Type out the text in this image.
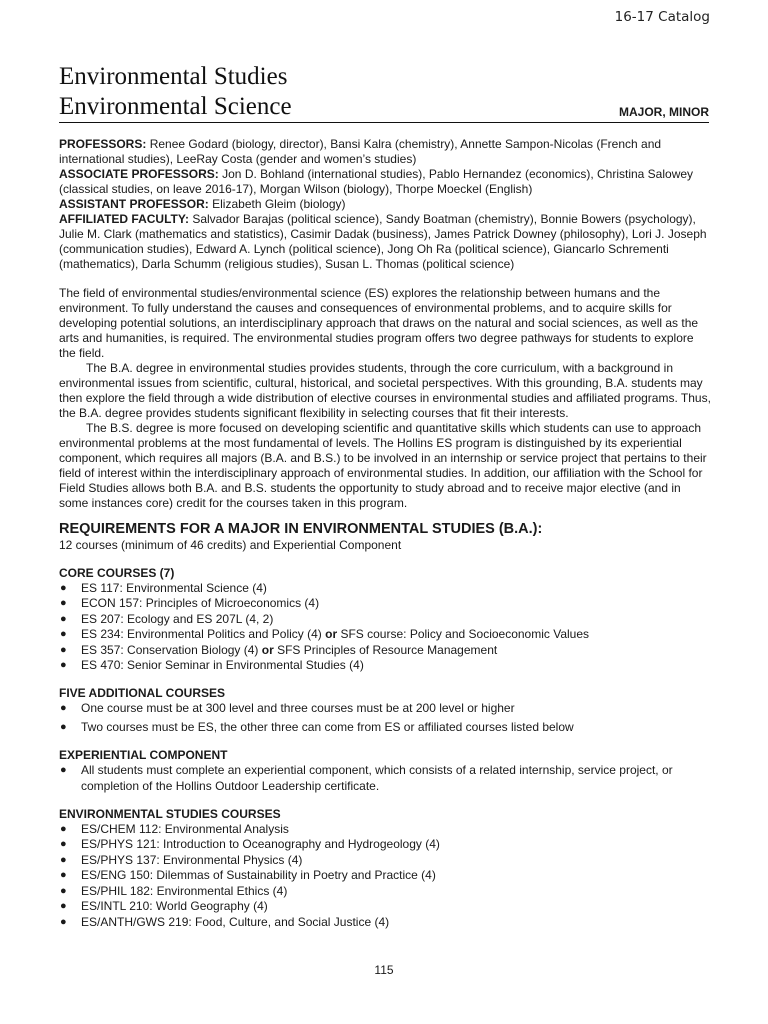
16-17 Catalog
Environmental Studies
Environmental Science	MAJOR, MINOR

PROFESSORS: Renee Godard (biology, director), Bansi Kalra (chemistry), Annette Sampon-Nicolas (French and international studies), LeeRay Costa (gender and women’s studies)

ASSOCIATE PROFESSORS: Jon D. Bohland (international studies), Pablo Hernandez (economics), Christina Salowey (classical studies, on leave 2016-17), Morgan Wilson (biology), Thorpe Moeckel (English)

ASSISTANT PROFESSOR: Elizabeth Gleim (biology)

AFFILIATED FACULTY: Salvador Barajas (political science), Sandy Boatman (chemistry), Bonnie Bowers (psychology), Julie M. Clark (mathematics and statistics), Casimir Dadak (business), James Patrick Downey (philosophy), Lori J. Joseph (communication studies), Edward A. Lynch (political science), Jong Oh Ra (political science), Giancarlo Schrementi (mathematics), Darla Schumm (religious studies), Susan L. Thomas (political science)

The field of environmental studies/environmental science (ES) explores the relationship between humans and the environment. To fully understand the causes and consequences of environmental problems, and to acquire skills for developing potential solutions, an interdisciplinary approach that draws on the natural and social sciences, as well as the arts and humanities, is required. The environmental studies program offers two degree pathways for students to explore the field.

The B.A. degree in environmental studies provides students, through the core curriculum, with a background in environmental issues from scientific, cultural, historical, and societal perspectives. With this grounding, B.A. students may then explore the field through a wide distribution of elective courses in environmental studies and affiliated programs. Thus, the B.A. degree provides students significant flexibility in selecting courses that fit their interests.

The B.S. degree is more focused on developing scientific and quantitative skills which students can use to approach environmental problems at the most fundamental of levels. The Hollins ES program is distinguished by its experiential component, which requires all majors (B.A. and B.S.) to be involved in an internship or service project that pertains to their field of interest within the interdisciplinary approach of environmental studies. In addition, our affiliation with the School for Field Studies allows both B.A. and B.S. students the opportunity to study abroad and to receive major elective (and in some instances core) credit for the courses taken in this program.

REQUIREMENTS FOR A MAJOR IN ENVIRONMENTAL STUDIES (B.A.):

12 courses (minimum of 46 credits) and Experiential Component

CORE COURSES (7)
● ES 117: Environmental Science (4)
● ECON 157: Principles of Microeconomics (4)
● ES 207: Ecology and ES 207L (4, 2)
● ES 234: Environmental Politics and Policy (4) or SFS course: Policy and Socioeconomic Values
● ES 357: Conservation Biology (4) or SFS Principles of Resource Management
● ES 470: Senior Seminar in Environmental Studies (4)
FIVE ADDITIONAL COURSES
● One course must be at 300 level and three courses must be at 200 level or higher
● Two courses must be ES, the other three can come from ES or affiliated courses listed below
EXPERIENTIAL COMPONENT
● All students must complete an experiential component, which consists of a related internship, service project, or completion of the Hollins Outdoor Leadership certificate.
ENVIRONMENTAL STUDIES COURSES
● ES/CHEM 112: Environmental Analysis
● ES/PHYS 121: Introduction to Oceanography and Hydrogeology (4)
● ES/PHYS 137: Environmental Physics (4)
● ES/ENG 150: Dilemmas of Sustainability in Poetry and Practice (4)
● ES/PHIL 182: Environmental Ethics (4)
● ES/INTL 210: World Geography (4)
● ES/ANTH/GWS 219: Food, Culture, and Social Justice (4)
115
